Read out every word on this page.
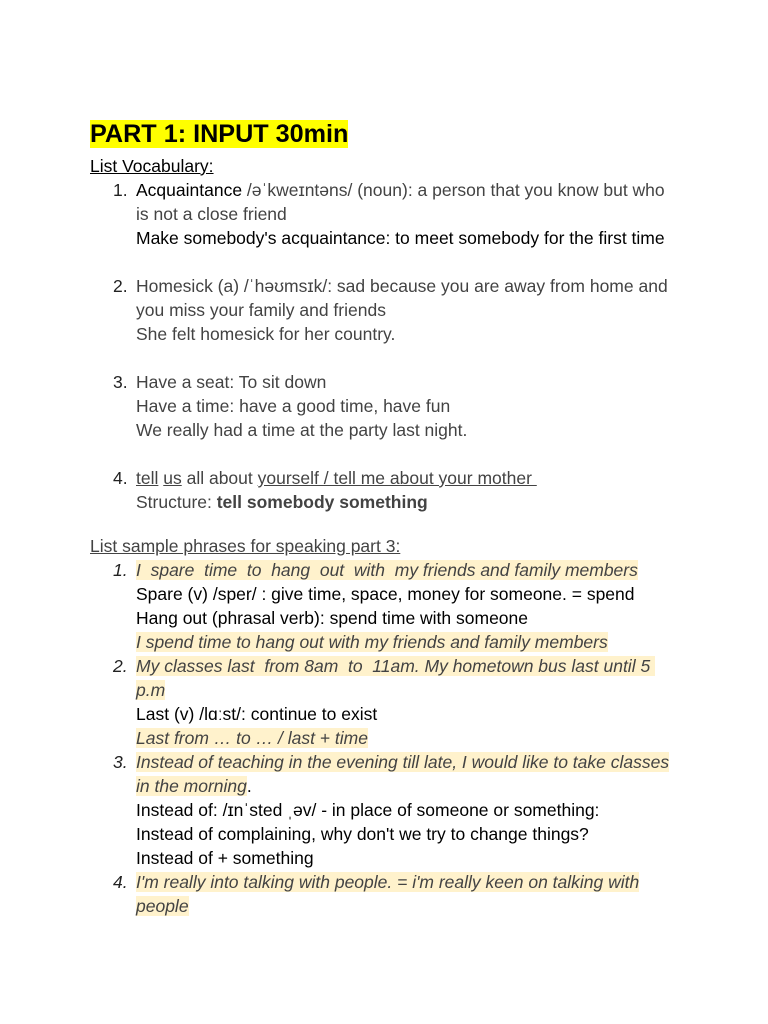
PART 1: INPUT 30min
List Vocabulary:
1. Acquaintance /əˈkweɪntəns/ (noun): a person that you know but who is not a close friend
Make somebody's acquaintance: to meet somebody for the first time
2. Homesick (a) /ˈhəʊmsɪk/: sad because you are away from home and you miss your family and friends
She felt homesick for her country.
3. Have a seat: To sit down
Have a time: have a good time, have fun
We really had a time at the party last night.
4. tell us all about yourself / tell me about your mother
Structure: tell somebody something
List sample phrases for speaking part 3:
1. I  spare  time  to  hang  out  with  my friends and family members
Spare (v) /sper/ : give time, space, money for someone. = spend
Hang out (phrasal verb): spend time with someone
I spend time to hang out with my friends and family members
2. My classes last  from 8am  to  11am. My hometown bus last until 5 p.m
Last (v) /lɑːst/: continue to exist
Last from … to … / last + time
3. Instead of teaching in the evening till late, I would like to take classes in the morning.
Instead of: /ɪnˈsted ˌəv/ - in place of someone or something:
Instead of complaining, why don't we try to change things?
Instead of + something
4. I'm really into talking with people. = i'm really keen on talking with people
